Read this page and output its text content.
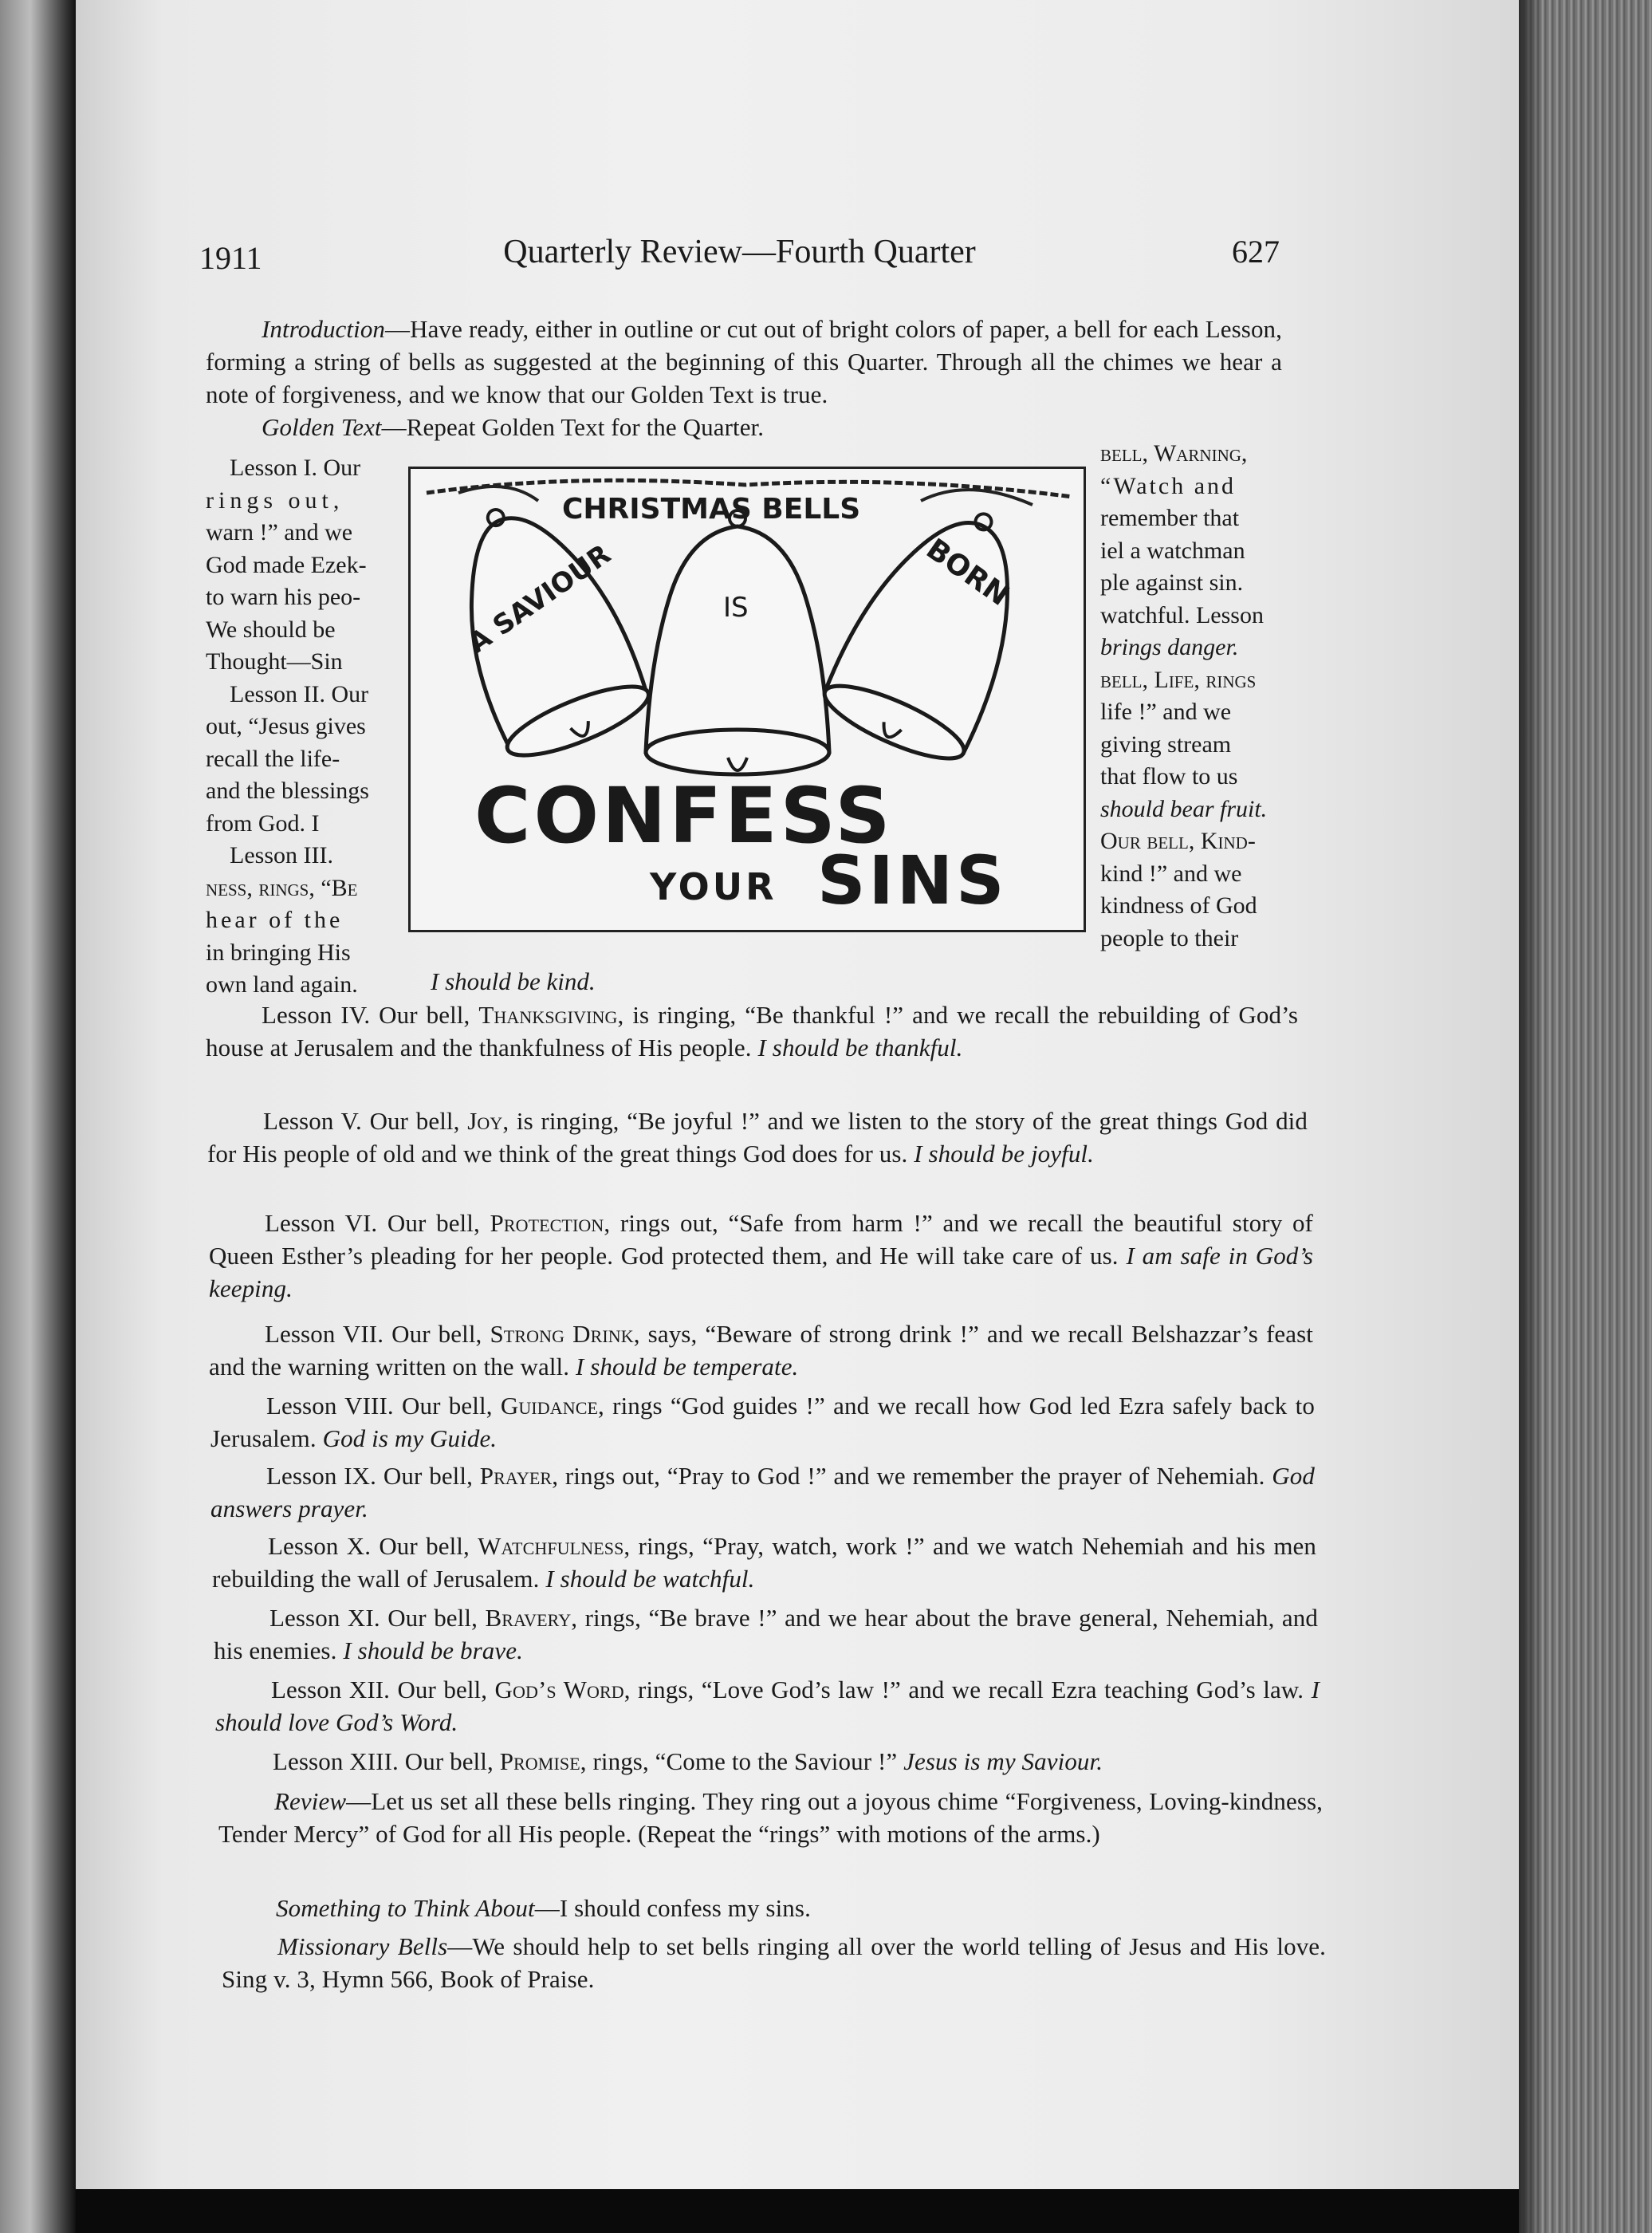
1911	Quarterly Review—Fourth Quarter	627

Introduction—Have ready, either in outline or cut out of bright colors of paper, a bell for each Lesson, forming a string of bells as suggested at the beginning of this Quarter. Through all the chimes we hear a note of forgiveness, and we know that our Golden Text is true.

Golden Text—Repeat Golden Text for the Quarter.

Lesson I. Our
rings out,
warn !” and we
God made Ezek-
to warn his peo-
We should be
Thought—Sin
Lesson II. Our
out, “Jesus gives
recall the life-
and the blessings
from God. I
Lesson III.
ness, rings, “Be
hear of the
in bringing His
own land again.
CHRISTMAS BELLS
A SAVIOUR	IS	BORN
CONFESS
YOUR SINS
bell, Warning,
“Watch and
remember that
iel a watchman
ple against sin.
watchful. Lesson
brings danger.
bell, Life, rings
life !” and we
giving stream
that flow to us
should bear fruit.
Our bell, Kind-
kind !” and we
kindness of God
people to their
I should be kind.

Lesson IV. Our bell, Thanksgiving, is ringing, “Be thankful !” and we recall the rebuilding of God’s house at Jerusalem and the thankfulness of His people. I should be thankful.

Lesson V. Our bell, Joy, is ringing, “Be joyful !” and we listen to the story of the great things God did for His people of old and we think of the great things God does for us. I should be joyful.

Lesson VI. Our bell, Protection, rings out, “Safe from harm !” and we recall the beautiful story of Queen Esther’s pleading for her people. God protected them, and He will take care of us. I am safe in God’s keeping.

Lesson VII. Our bell, Strong Drink, says, “Beware of strong drink !” and we recall Belshazzar’s feast and the warning written on the wall. I should be temperate.

Lesson VIII. Our bell, Guidance, rings “God guides !” and we recall how God led Ezra safely back to Jerusalem. God is my Guide.

Lesson IX. Our bell, Prayer, rings out, “Pray to God !” and we remember the prayer of Nehemiah. God answers prayer.

Lesson X. Our bell, Watchfulness, rings, “Pray, watch, work !” and we watch Nehemiah and his men rebuilding the wall of Jerusalem. I should be watchful.

Lesson XI. Our bell, Bravery, rings, “Be brave !” and we hear about the brave general, Nehemiah, and his enemies. I should be brave.

Lesson XII. Our bell, God’s Word, rings, “Love God’s law !” and we recall Ezra teaching God’s law. I should love God’s Word.

Lesson XIII. Our bell, Promise, rings, “Come to the Saviour !” Jesus is my Saviour.

Review—Let us set all these bells ringing. They ring out a joyous chime “Forgiveness, Loving-kindness, Tender Mercy” of God for all His people. (Repeat the “rings” with motions of the arms.)

Something to Think About—I should confess my sins.

Missionary Bells—We should help to set bells ringing all over the world telling of Jesus and His love. Sing v. 3, Hymn 566, Book of Praise.
